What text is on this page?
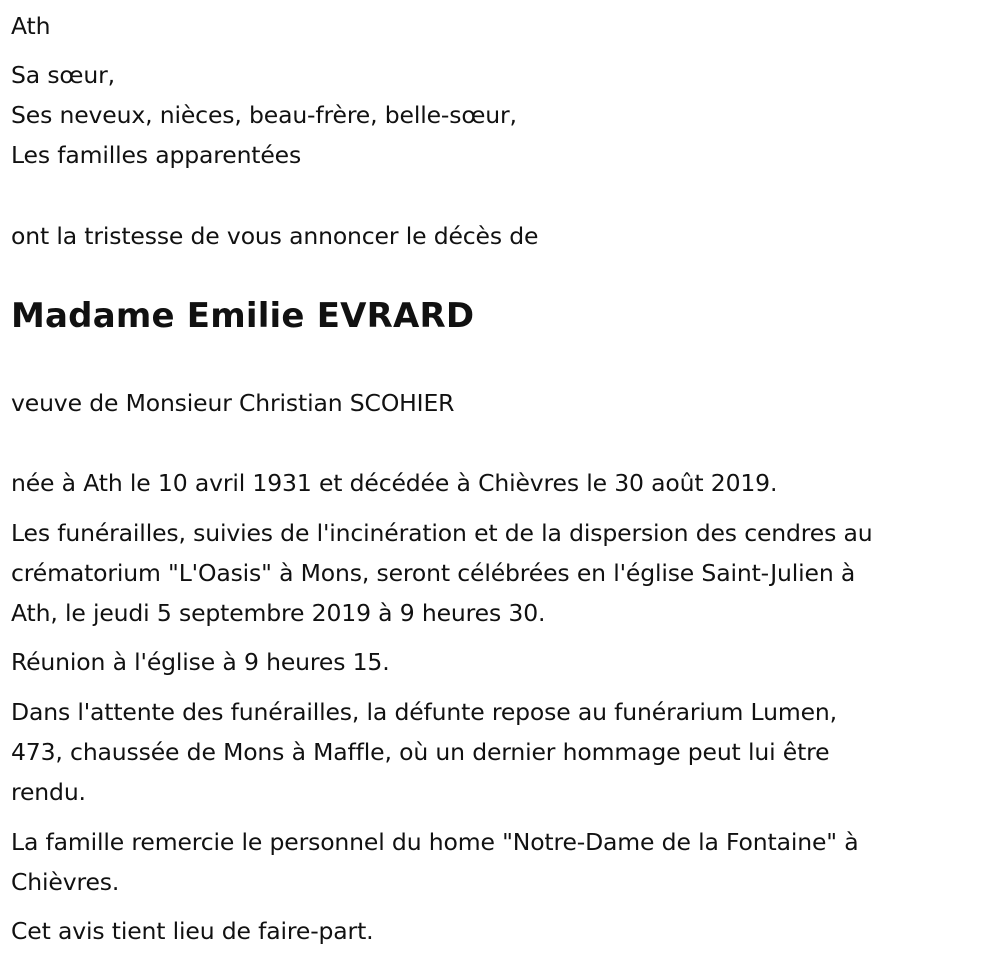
Ath
Sa sœur,
Ses neveux, nièces, beau-frère, belle-sœur,
Les familles apparentées
ont la tristesse de vous annoncer le décès de
Madame Emilie EVRARD
veuve de Monsieur Christian SCOHIER
née à Ath le 10 avril 1931 et décédée à Chièvres le 30 août 2019.
Les funérailles, suivies de l'incinération et de la dispersion des cendres au
crématorium "L'Oasis" à Mons, seront célébrées en l'église Saint-Julien à
Ath, le jeudi 5 septembre 2019 à 9 heures 30.
Réunion à l'église à 9 heures 15.
Dans l'attente des funérailles, la défunte repose au funérarium Lumen,
473, chaussée de Mons à Maffle, où un dernier hommage peut lui être
rendu.
La famille remercie le personnel du home "Notre-Dame de la Fontaine" à
Chièvres.
Cet avis tient lieu de faire-part.
